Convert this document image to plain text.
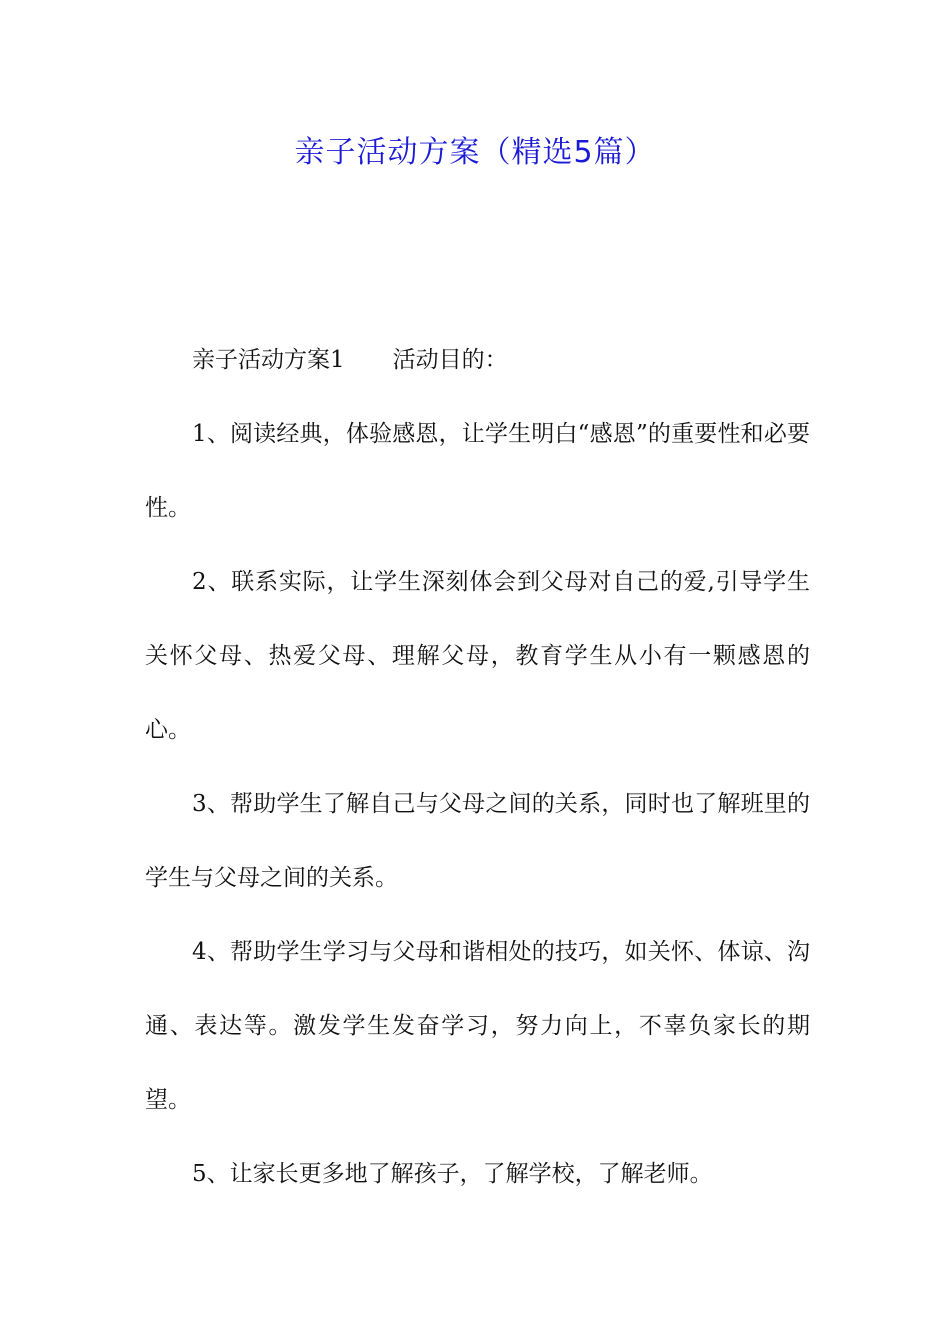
亲子活动方案（精选5篇）

亲子活动方案1 活动目的：

1、阅读经典，体验感恩，让学生明白“感恩”的重要性和必要性。

2、联系实际，让学生深刻体会到父母对自己的爱,引导学生关怀父母、热爱父母、理解父母，教育学生从小有一颗感恩的心。

3、帮助学生了解自己与父母之间的关系，同时也了解班里的学生与父母之间的关系。

4、帮助学生学习与父母和谐相处的技巧，如关怀、体谅、沟通、表达等。激发学生发奋学习，努力向上，不辜负家长的期望。

5、让家长更多地了解孩子，了解学校，了解老师。
